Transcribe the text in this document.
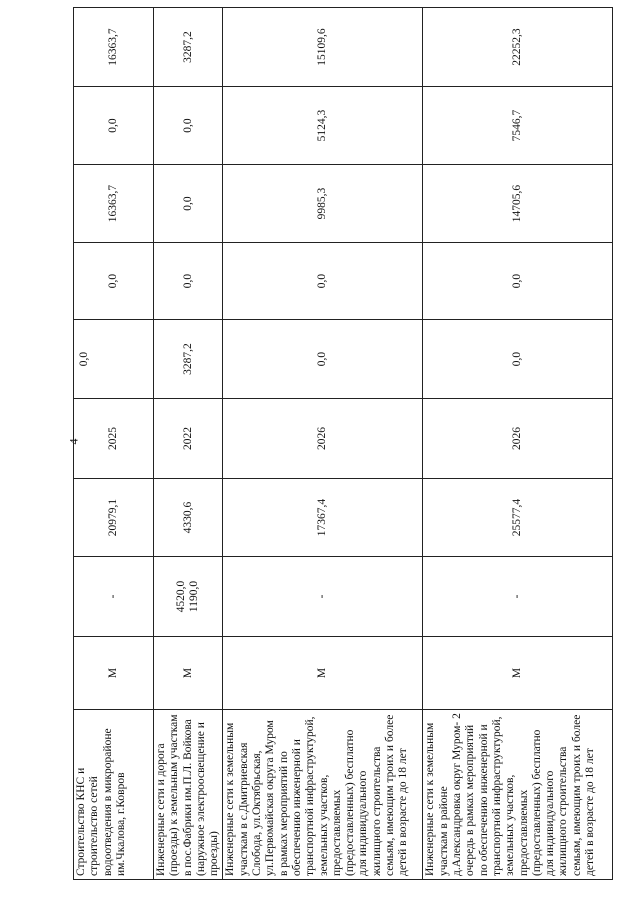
4
Строительство КНС и строительство сетей водоотведения в микрорайоне им.Чкалова, г.Ковров	М	-	20979,1	2025	0,0	0,0	16363,7	0,0	16363,7
Инженерные сети и дорога (проезды) к земельным участкам в пос.Фабрики им.П.Л. Войкова (наружное электроосвещение и проезды)	М	4520,0 1190,0	4330,6	2022	3287,2	0,0	0,0	0,0	3287,2
Инженерные сети к земельным участкам в с.Дмитриевская Слобода, ул.Октябрьская, ул.Первомайская округа Муром в рамках мероприятий по обеспечению инженерной и транспортной инфраструктурой, земельных участков, предоставляемых (предоставленных) бесплатно для индивидуального жилищного строительства семьям, имеющим троих и более детей в возрасте до 18 лет	М	-	17367,4	2026	0,0	0,0	9985,3	5124,3	15109,6
Инженерные сети к земельным участкам в районе д.Александровка округ Муром- 2 очередь в рамках мероприятий по обеспечению инженерной и транспортной инфраструктурой, земельных участков, предоставляемых (предоставленных) бесплатно для индивидуального жилищного строительства семьям, имеющим троих и более детей в возрасте до 18 лет	М	-	25577,4	2026	0,0	0,0	14705,6	7546,7	22252,3
